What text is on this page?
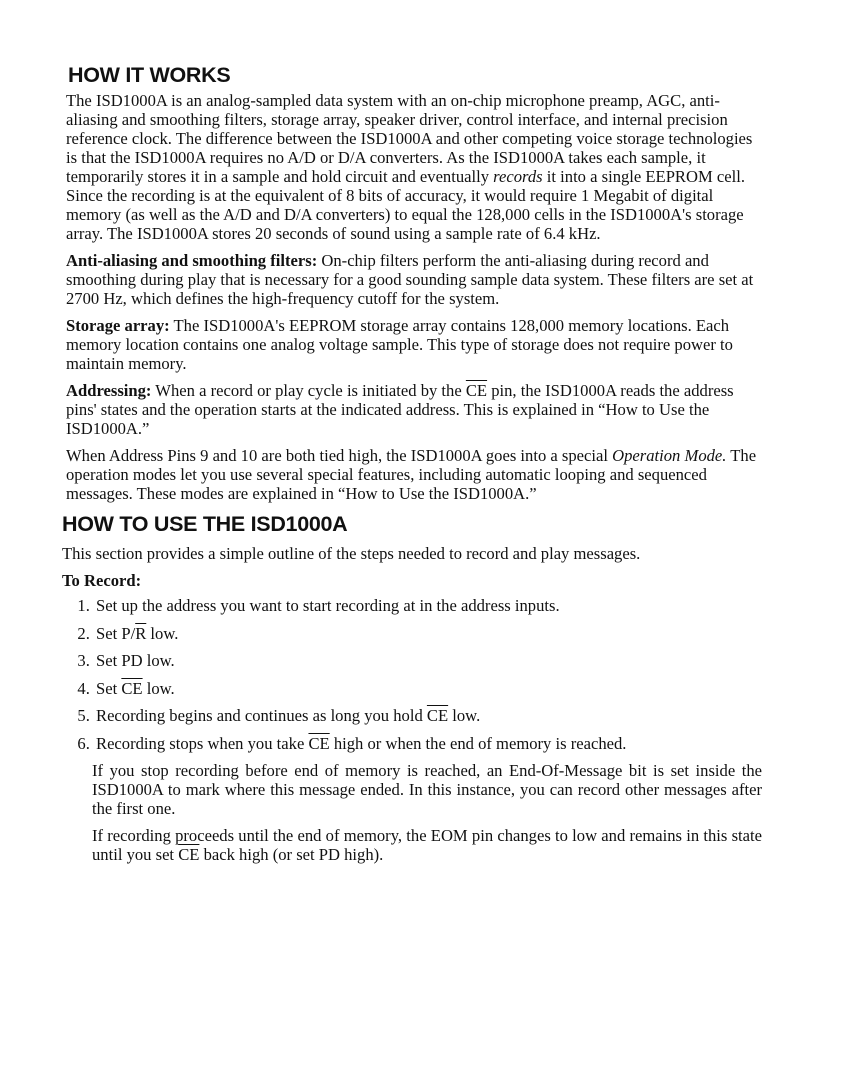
HOW IT WORKS

The ISD1000A is an analog-sampled data system with an on-chip microphone preamp, AGC, anti-aliasing and smoothing filters, storage array, speaker driver, control interface, and internal precision reference clock. The difference between the ISD1000A and other competing voice storage technologies is that the ISD1000A requires no A/D or D/A converters. As the ISD1000A takes each sample, it temporarily stores it in a sample and hold circuit and eventually records it into a single EEPROM cell. Since the recording is at the equivalent of 8 bits of accuracy, it would require 1 Megabit of digital memory (as well as the A/D and D/A converters) to equal the 128,000 cells in the ISD1000A's storage array. The ISD1000A stores 20 seconds of sound using a sample rate of 6.4 kHz.

Anti-aliasing and smoothing filters: On-chip filters perform the anti-aliasing during record and smoothing during play that is necessary for a good sounding sample data system. These filters are set at 2700 Hz, which defines the high-frequency cutoff for the system.

Storage array: The ISD1000A's EEPROM storage array contains 128,000 memory locations. Each memory location contains one analog voltage sample. This type of storage does not require power to maintain memory.

Addressing: When a record or play cycle is initiated by the $\overline{CE}$ pin, the ISD1000A reads the address pins' states and the operation starts at the indicated address. This is explained in “How to Use the ISD1000A.”

When Address Pins 9 and 10 are both tied high, the ISD1000A goes into a special Operation Mode. The operation modes let you use several special features, including automatic looping and sequenced messages. These modes are explained in “How to Use the ISD1000A.”

HOW TO USE THE ISD1000A

This section provides a simple outline of the steps needed to record and play messages.

To Record:
1. Set up the address you want to start recording at in the address inputs.
2. Set $P/\overline{R}$ low.
3. Set PD low.
4. Set $\overline{CE}$ low.
5. Recording begins and continues as long you hold $\overline{CE}$ low.
6. Recording stops when you take $\overline{CE}$ high or when the end of memory is reached.

If you stop recording before end of memory is reached, an End-Of-Message bit is set inside the ISD1000A to mark where this message ended. In this instance, you can record other messages after the first one.

If recording proceeds until the end of memory, the EOM pin changes to low and remains in this state until you set $\overline{CE}$ back high (or set PD high).
